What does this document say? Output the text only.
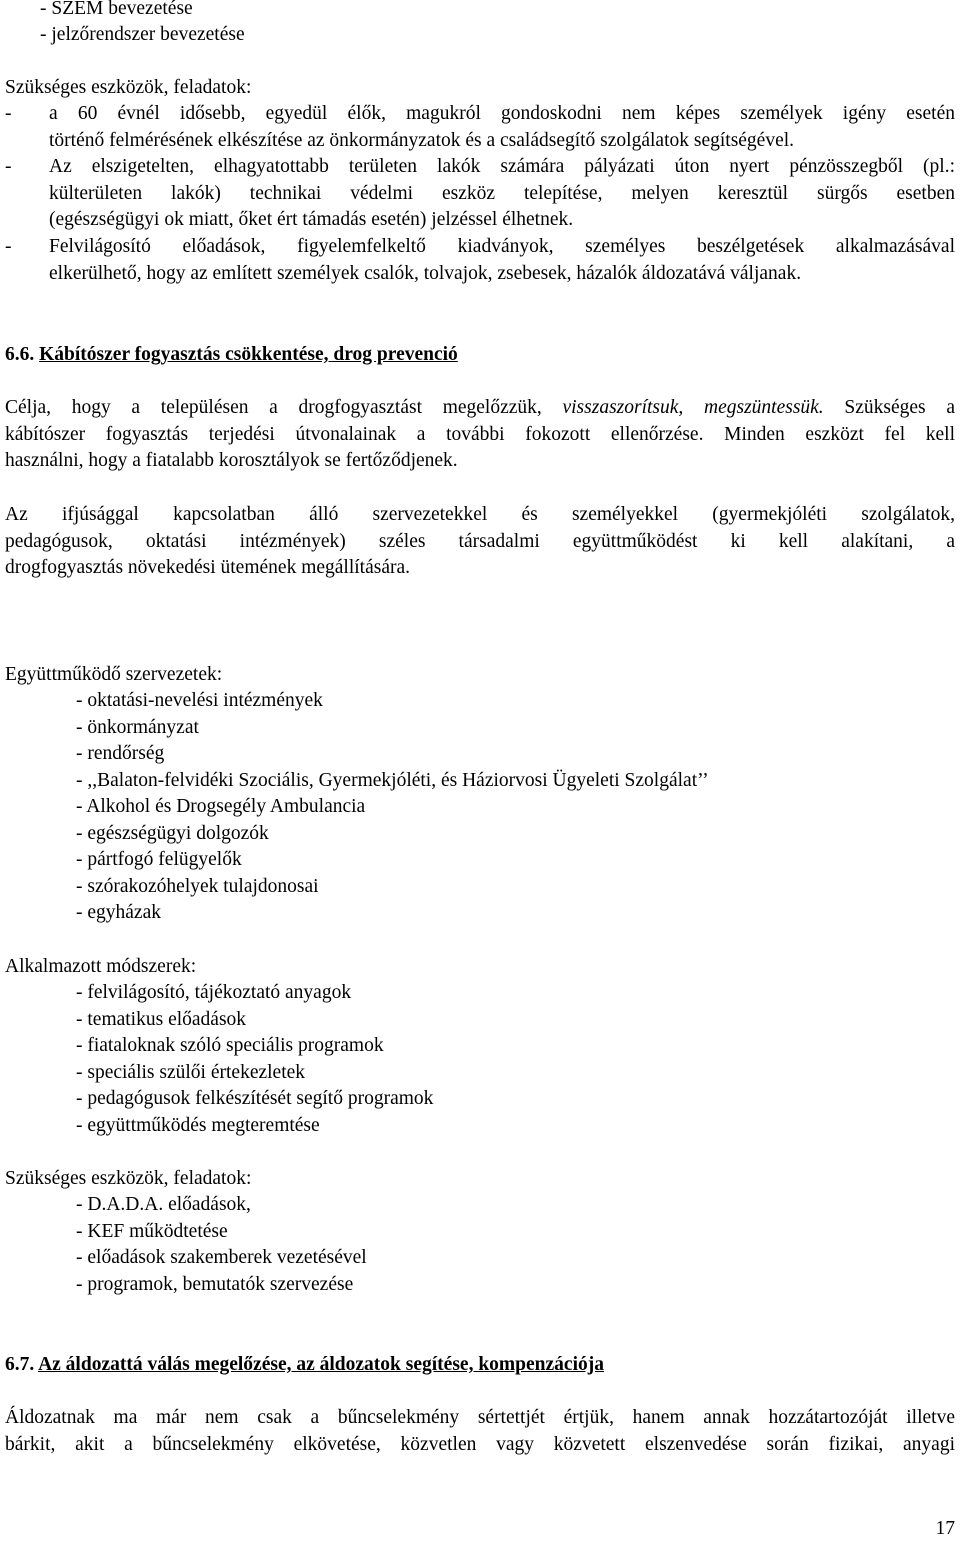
- SZEM bevezetése
- jelzőrendszer bevezetése
Szükséges eszközök, feladatok:
-	a 60 évnél idősebb, egyedül élők, magukról gondoskodni nem képes személyek igény esetén
történő felmérésének elkészítése az önkormányzatok és a családsegítő szolgálatok segítségével.
-	Az elszigetelten, elhagyatottabb területen lakók számára pályázati úton nyert pénzösszegből (pl.:
külterületen lakók) technikai védelmi eszköz telepítése, melyen keresztül sürgős esetben
(egészségügyi ok miatt, őket ért támadás esetén) jelzéssel élhetnek.
-	Felvilágosító előadások, figyelemfelkeltő kiadványok, személyes beszélgetések alkalmazásával
elkerülhető, hogy az említett személyek csalók, tolvajok, zsebesek, házalók áldozatává váljanak.
6.6. Kábítószer fogyasztás csökkentése, drog prevenció
Célja, hogy a településen a drogfogyasztást megelőzzük, visszaszorítsuk, megszüntessük. Szükséges a
kábítószer fogyasztás terjedési útvonalainak a további fokozott ellenőrzése. Minden eszközt fel kell
használni, hogy a fiatalabb korosztályok se fertőződjenek.
Az ifjúsággal kapcsolatban álló szervezetekkel és személyekkel (gyermekjóléti szolgálatok,
pedagógusok, oktatási intézmények) széles társadalmi együttműködést ki kell alakítani, a
drogfogyasztás növekedési ütemének megállítására.
Együttműködő szervezetek:
- oktatási-nevelési intézmények
- önkormányzat
- rendőrség
- ,,Balaton-felvidéki Szociális, Gyermekjóléti, és Háziorvosi Ügyeleti Szolgálat’’
- Alkohol és Drogsegély Ambulancia
- egészségügyi dolgozók
- pártfogó felügyelők
- szórakozóhelyek tulajdonosai
- egyházak
Alkalmazott módszerek:
- felvilágosító, tájékoztató anyagok
- tematikus előadások
- fiataloknak szóló speciális programok
- speciális szülői értekezletek
- pedagógusok felkészítését segítő programok
- együttműködés megteremtése
Szükséges eszközök, feladatok:
- D.A.D.A. előadások,
- KEF működtetése
- előadások szakemberek vezetésével
- programok, bemutatók szervezése
6.7. Az áldozattá válás megelőzése, az áldozatok segítése, kompenzációja
Áldozatnak ma már nem csak a bűncselekmény sértettjét értjük, hanem annak hozzátartozóját illetve
bárkit, akit a bűncselekmény elkövetése, közvetlen vagy közvetett elszenvedése során fizikai, anyagi
17
